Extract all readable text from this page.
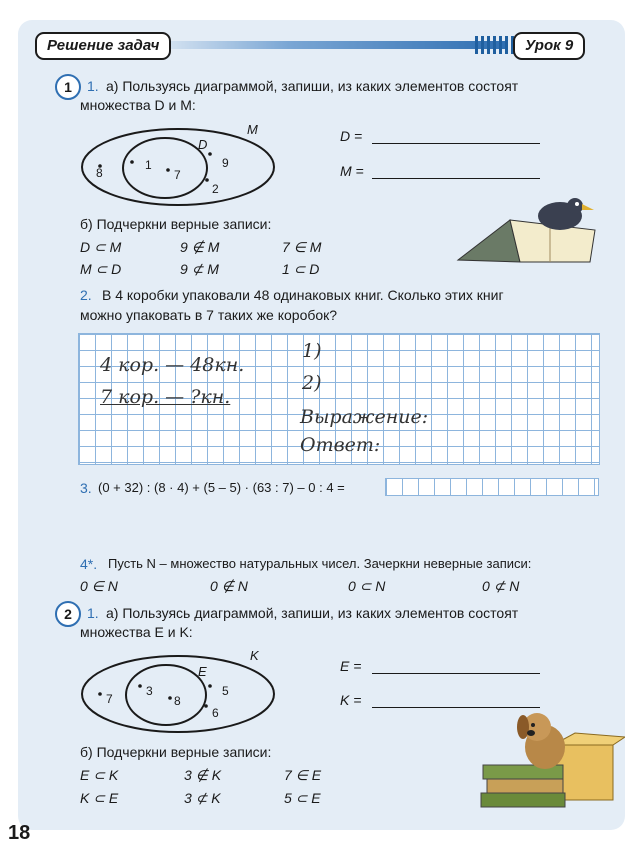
Решение задач	Урок 9
1	1. а) Пользуясь диаграммой, запиши, из каких элементов состоят
множества D и M:
M
D
1
7
8
9
2
D =
M =
б) Подчеркни верные записи:
D ⊂ M	9 ∉ M	7 ∈ M
M ⊂ D	9 ⊄ M	1 ⊂ D
2. В 4 коробки упаковали 48 одинаковых книг. Сколько этих книг
можно упаковать в 7 таких же коробок?
4 кор. — 48кн.
7 кор. — ?кн.
1)
2)
Выражение:
Ответ:
3. (0 + 32) : (8 · 4) + (5 – 5) · (63 : 7) – 0 : 4 =
4*. Пусть N – множество натуральных чисел. Зачеркни неверные записи:
0 ∈ N	0 ∉ N	0 ⊂ N	0 ⊄ N
2	1. а) Пользуясь диаграммой, запиши, из каких элементов состоят
множества E и K:
K
E
3
8
7
5
6
E =
K =
б) Подчеркни верные записи:
E ⊂ K	3 ∉ K	7 ∈ E
K ⊂ E	3 ⊄ K	5 ⊂ E
18
